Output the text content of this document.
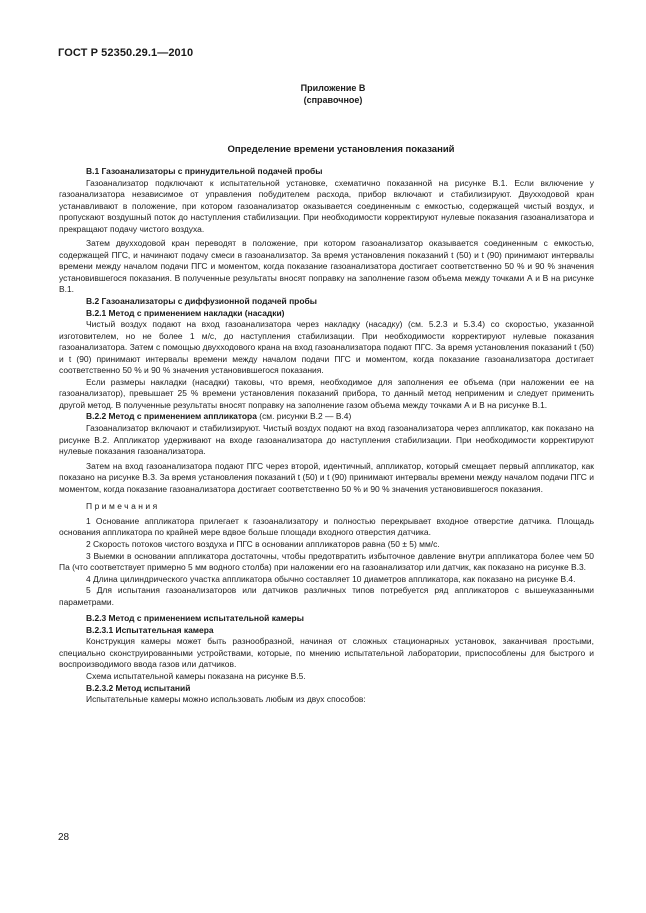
ГОСТ Р 52350.29.1—2010
Приложение В
(справочное)
Определение времени установления показаний

В.1 Газоанализаторы с принудительной подачей пробы

Газоанализатор подключают к испытательной установке, схематично показанной на рисунке В.1. Если включение у газоанализатора независимое от управления побудителем расхода, прибор включают и стабилизируют. Двухходовой кран устанавливают в положение, при котором газоанализатор оказывается соединенным с емкостью, содержащей чистый воздух, и пропускают воздушный поток до наступления стабилизации. При необходимости корректируют нулевые показания газоанализатора и прекращают подачу чистого воздуха.

Затем двухходовой кран переводят в положение, при котором газоанализатор оказывается соединенным с емкостью, содержащей ПГС, и начинают подачу смеси в газоанализатор. За время установления показаний t (50) и t (90) принимают интервалы времени между началом подачи ПГС и моментом, когда показание газоанализатора достигает соответственно 50 % и 90 % значения установившегося показания. В полученные результаты вносят поправку на заполнение газом объема между точками А и В на рисунке В.1.

В.2 Газоанализаторы с диффузионной подачей пробы

В.2.1 Метод с применением накладки (насадки)

Чистый воздух подают на вход газоанализатора через накладку (насадку) (см. 5.2.3 и 5.3.4) со скоростью, указанной изготовителем, но не более 1 м/с, до наступления стабилизации. При необходимости корректируют нулевые показания газоанализатора. Затем с помощью двухходового крана на вход газоанализатора подают ПГС. За время установления показаний t (50) и t (90) принимают интервалы времени между началом подачи ПГС и моментом, когда показание газоанализатора достигает соответственно 50 % и 90 % значения установившегося показания.

Если размеры накладки (насадки) таковы, что время, необходимое для заполнения ее объема (при наложении ее на газоанализатор), превышает 25 % времени установления показаний прибора, то данный метод неприменим и следует применить другой метод. В полученные результаты вносят поправку на заполнение газом объема между точками А и В на рисунке В.1.

В.2.2 Метод с применением аппликатора (см. рисунки В.2 — В.4)

Газоанализатор включают и стабилизируют. Чистый воздух подают на вход газоанализатора через аппликатор, как показано на рисунке В.2. Аппликатор удерживают на входе газоанализатора до наступления стабилизации. При необходимости корректируют нулевые показания газоанализатора.

Затем на вход газоанализатора подают ПГС через второй, идентичный, аппликатор, который смещает первый аппликатор, как показано на рисунке В.3. За время установления показаний t (50) и t (90) принимают интервалы времени между началом подачи ПГС и моментом, когда показание газоанализатора достигает соответственно 50 % и 90 % значения установившегося показания.

Примечания

1 Основание аппликатора прилегает к газоанализатору и полностью перекрывает входное отверстие датчика. Площадь основания аппликатора по крайней мере вдвое больше площади входного отверстия датчика.

2 Скорость потоков чистого воздуха и ПГС в основании аппликаторов равна (50 ± 5) мм/с.

3 Выемки в основании аппликатора достаточны, чтобы предотвратить избыточное давление внутри аппликатора более чем 50 Па (что соответствует примерно 5 мм водного столба) при наложении его на газоанализатор или датчик, как показано на рисунке В.3.

4 Длина цилиндрического участка аппликатора обычно составляет 10 диаметров аппликатора, как показано на рисунке В.4.

5 Для испытания газоанализаторов или датчиков различных типов потребуется ряд аппликаторов с вышеуказанными параметрами.

В.2.3 Метод с применением испытательной камеры

В.2.3.1 Испытательная камера

Конструкция камеры может быть разнообразной, начиная от сложных стационарных установок, заканчивая простыми, специально сконструированными устройствами, которые, по мнению испытательной лаборатории, приспособлены для быстрого и воспроизводимого ввода газов или датчиков.

Схема испытательной камеры показана на рисунке В.5.

В.2.3.2 Метод испытаний

Испытательные камеры можно использовать любым из двух способов:

28
